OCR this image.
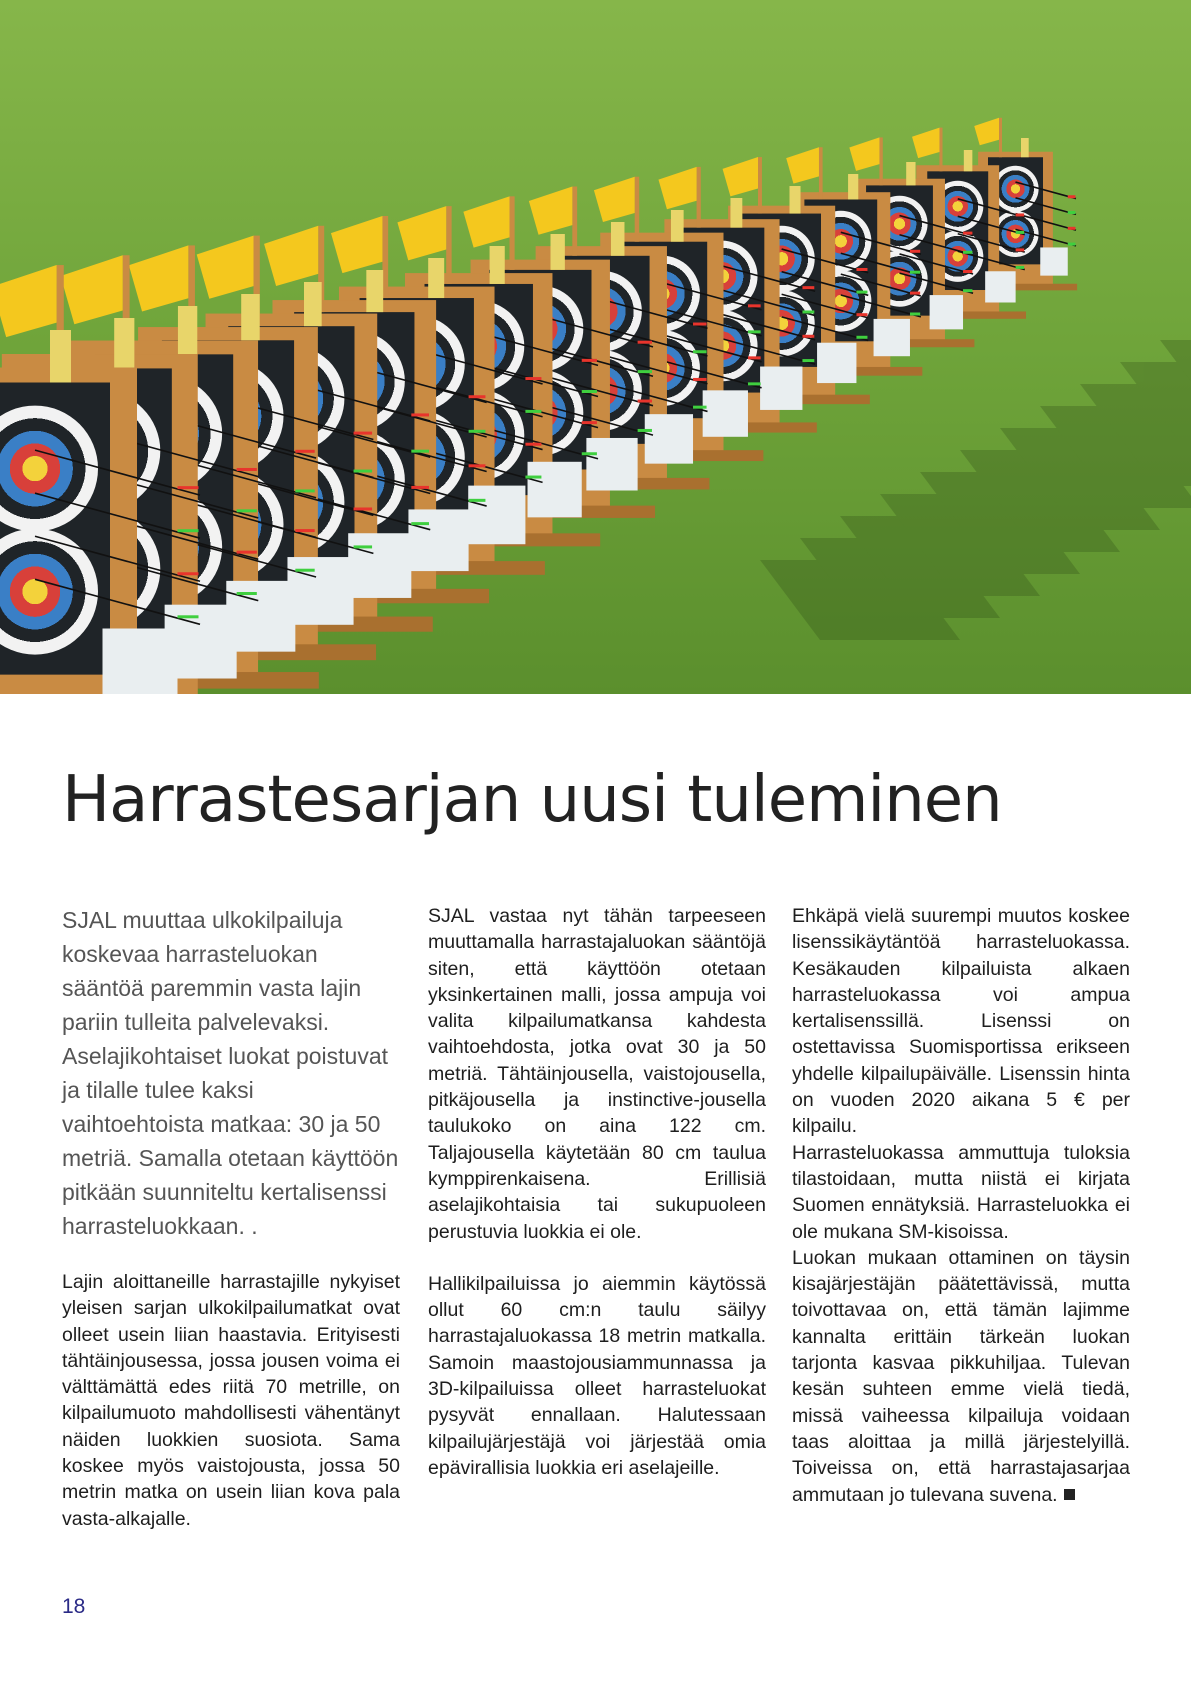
Harrastesarjan uusi tuleminen

SJAL muuttaa ulkokilpailuja koskevaa harrasteluokan sääntöä paremmin vasta lajin pariin tulleita palvelevaksi. Aselajikohtaiset luokat poistuvat ja tilalle tulee kaksi vaihtoehtoista matkaa: 30 ja 50 metriä. Samalla otetaan käyttöön pitkään suunniteltu kertalisenssi harrasteluokkaan. .

Lajin aloittaneille harrastajille nykyiset yleisen sarjan ulkokilpailumatkat ovat olleet usein liian haastavia. Erityisesti tähtäinjousessa, jossa jousen voima ei välttämättä edes riitä 70 metrille, on kilpailumuoto mahdollisesti vähentänyt näiden luokkien suosiota. Sama koskee myös vaistojousta, jossa 50 metrin matka on usein liian kova pala vasta-alkajalle.

SJAL vastaa nyt tähän tarpeeseen muuttamalla harrastajaluokan sääntöjä siten, että käyttöön otetaan yksinkertainen malli, jossa ampuja voi valita kilpailumatkansa kahdesta vaihtoehdosta, jotka ovat 30 ja 50 metriä. Tähtäinjousella, vaistojousella, pitkäjousella ja instinctive-jousella taulukoko on aina 122 cm. Taljajousella käytetään 80 cm taulua kymppirenkaisena. Erillisiä aselajikohtaisia tai sukupuoleen perustuvia luokkia ei ole.

Hallikilpailuissa jo aiemmin käytössä ollut 60 cm:n taulu säilyy harrastajaluokassa 18 metrin matkalla. Samoin maastojousiammunnassa ja 3D-kilpailuissa olleet harrasteluokat pysyvät ennallaan. Halutessaan kilpailujärjestäjä voi järjestää omia epävirallisia luokkia eri aselajeille.

Ehkäpä vielä suurempi muutos koskee lisenssikäytäntöä harrasteluokassa. Kesäkauden kilpailuista alkaen harrasteluokassa voi ampua kertalisenssillä. Lisenssi on ostettavissa Suomisportissa erikseen yhdelle kilpailupäivälle. Lisenssin hinta on vuoden 2020 aikana 5 € per kilpailu.

Harrasteluokassa ammuttuja tuloksia tilastoidaan, mutta niistä ei kirjata Suomen ennätyksiä. Harrasteluokka ei ole mukana SM-kisoissa.

Luokan mukaan ottaminen on täysin kisajärjestäjän päätettävissä, mutta toivottavaa on, että tämän lajimme kannalta erittäin tärkeän luokan tarjonta kasvaa pikkuhiljaa. Tulevan kesän suhteen emme vielä tiedä, missä vaiheessa kilpailuja voidaan taas aloittaa ja millä järjestelyillä. Toiveissa on, että harrastajasarjaa ammutaan jo tulevana suvena.

18
